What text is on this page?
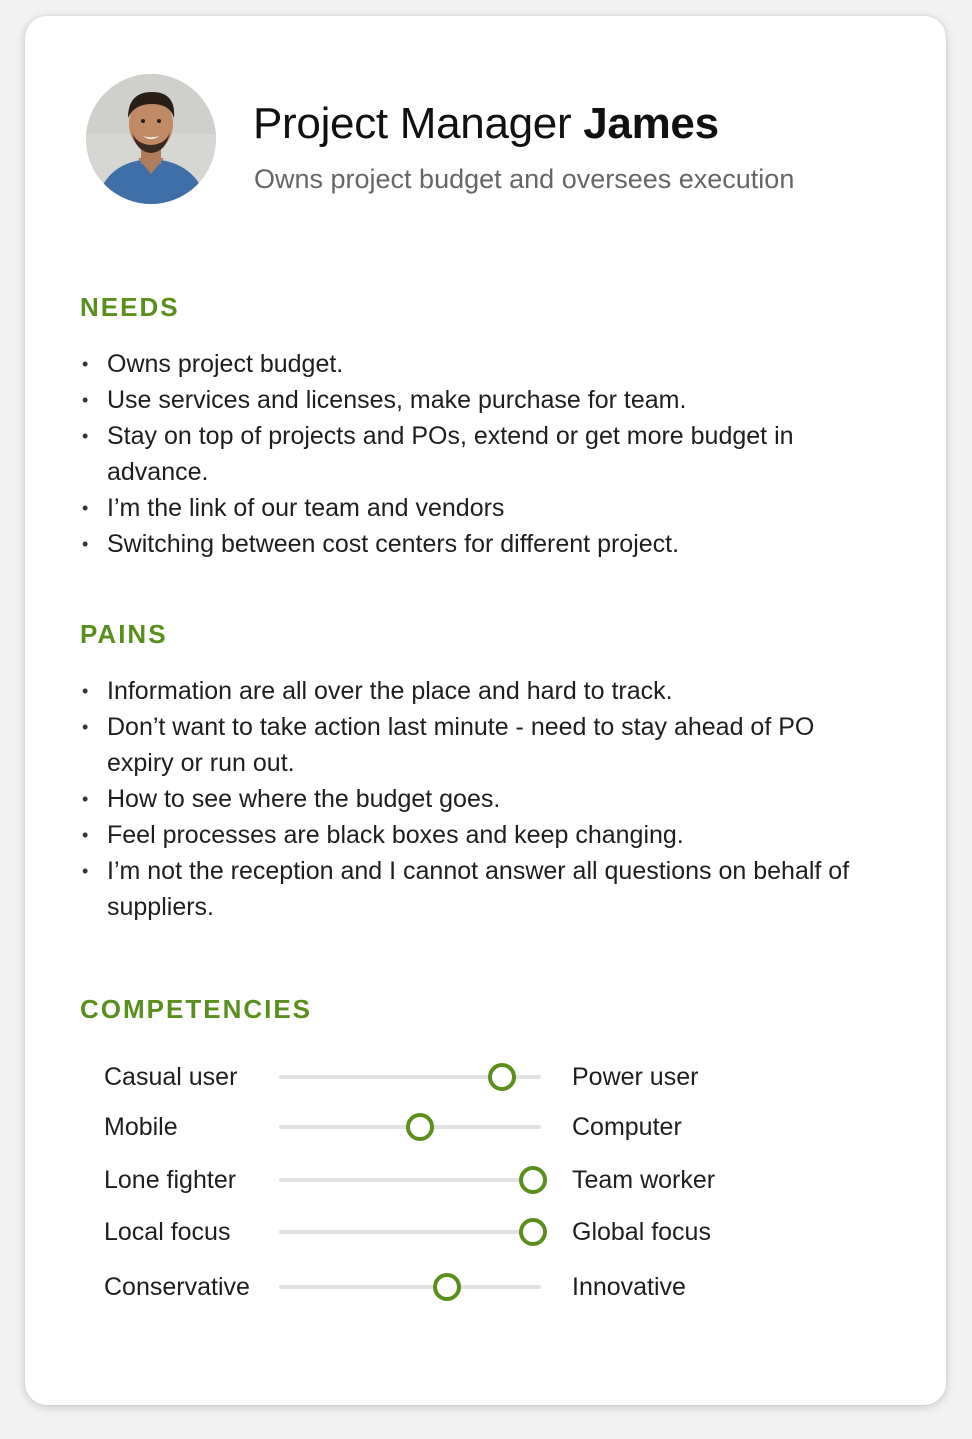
Project Manager James
Owns project budget and oversees execution
NEEDS
• Owns project budget.
• Use services and licenses, make purchase for team.
• Stay on top of projects and POs, extend or get more budget in advance.
• I’m the link of our team and vendors
• Switching between cost centers for different project.
PAINS
• Information are all over the place and hard to track.
• Don’t want to take action last minute - need to stay ahead of PO expiry or run out.
• How to see where the budget goes.
• Feel processes are black boxes and keep changing.
• I’m not the reception and I cannot answer all questions on behalf of suppliers.
COMPETENCIES
Casual user	Power user
Mobile	Computer
Lone fighter	Team worker
Local focus	Global focus
Conservative	Innovative
